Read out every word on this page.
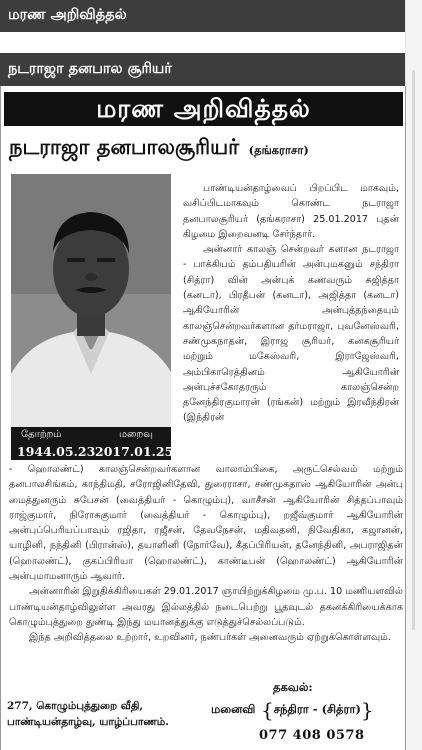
மரண அறிவித்தல்
நடராஜா தனபால சூரியர்
மரண அறிவித்தல்
நடராஜா தனபாலசூரியர் (தங்கராசா)
தோற்றம்
1944.05.23
மறைவு
2017.01.25

பாண்டியன்தாழ்வைப் பிறப்பிட மாகவும், வசிப்பிடமாகவும் கொண்ட நடராஜா தனபாலசூரியர் (தங்கராசா) 25.01.2017 புதன் கிழமை இறைவனடி சேர்ந்தார்.

அன்னார் காலஞ் சென்றவர் களான நடராஜா - பாக்கியம் தம்பதியரின் அன்புமகனும் சந்திரா (சித்ரா) வின் அன்புக் கணவரும் சுஜித்தா (கனடா), பிரதீபன் (கனடா), அஜித்தா (கனடா) ஆகியோரின் அன்புத்தந்தையும் காலஞ்சென்றவர்களான தர்மராஜா, புவனேஸ்வரி, சண்முகநாதன், இராஜ சூரியர், கனகசூரியர் மற்றும் மகேஸ்வரி, இராஜேஸ்வரி, அம்பிகாரெத்தினம் ஆகியோரின் அன்புச்சகோதரரும் காலஞ்சென்ற தனேந்திரகுமாரன் (ரங்கன்) மற்றும் இரவீந்திரன் (இந்திரன்

- ஹொலண்ட்) காலஞ்சென்றவர்களான வாலாம்பிகை, அருட்செல்வம் மற்றும் தனபாலசிங்கம், காந்திமதி, சரோஜினிதேவி, துரைராசா, சண்முகதாஸ் ஆகியோரின் அன்பு மைத்துனரும் சுபேசன் (வைத்தியர் - கொழும்பு), வாசீசன் ஆகியோரின் சித்தப்பாவும் ராஜ்குமார், நிரோசுகுமார் (வைத்தியர் - கொழும்பு), றஜீவ்குமார் ஆகியோரின் அன்புப்பெரியப்பாவும் ரஜிதா, ரஜீசன், தேவநேசன், மதிவதனி, நிவேதிகா, கஜானன், யாழினி, நந்தினி (பிரான்ஸ்), தயாளினி (நோர்வே), கீதப்பிரியன், தனேந்தினி, அபராஜிதன் (ஹொலண்ட்), குகப்பிரியா (ஹொலண்ட்), காண்டீபன் (ஹொலண்ட்) ஆகியோரின் அன்புமாமனாரும் ஆவார்.

அன்னாரின் இறுதிக்கிரியைகள் 29.01.2017 ஞாயிற்றுக்கிழமை மு.ப. 10 மணியளவில் பாண்டியன்தாழ்விலுள்ள அவரது இல்லத்தில் நடைபெற்று பூதவுடல் தகனக்கிரியைக்காக கொழும்புத்துறை துண்டி இந்து மயானத்துக்கு எடுத்துச்செல்லப்படும்.

இந்த அறிவித்தலை உற்றார், உறவினர், நண்பர்கள் அனைவரும் ஏற்றுக்கொள்ளவும்.

277, கொழும்புத்துறை வீதி,
பாண்டியன்தாழ்வு, யாழ்ப்பாணம்.
தகவல்:
மனைவி {சந்திரா - (சித்ரா)}
077 408 0578
